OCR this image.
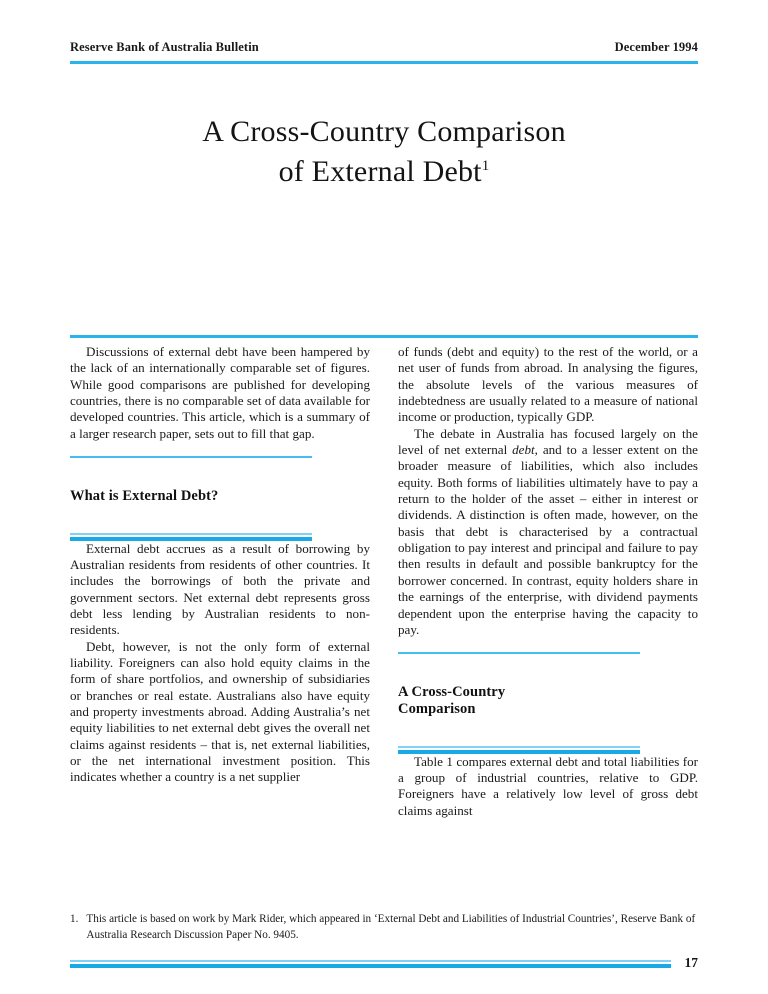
Reserve Bank of Australia Bulletin	December 1994
A Cross-Country Comparison
of External Debt$^1$

Discussions of external debt have been hampered by the lack of an internationally comparable set of figures. While good comparisons are published for developing countries, there is no comparable set of data available for developed countries. This article, which is a summary of a larger research paper, sets out to fill that gap.

What is External Debt?

External debt accrues as a result of borrowing by Australian residents from residents of other countries. It includes the borrowings of both the private and government sectors. Net external debt represents gross debt less lending by Australian residents to non-residents.

Debt, however, is not the only form of external liability. Foreigners can also hold equity claims in the form of share portfolios, and ownership of subsidiaries or branches or real estate. Australians also have equity and property investments abroad. Adding Australia’s net equity liabilities to net external debt gives the overall net claims against residents – that is, net external liabilities, or the net international investment position. This indicates whether a country is a net supplier

of funds (debt and equity) to the rest of the world, or a net user of funds from abroad. In analysing the figures, the absolute levels of the various measures of indebtedness are usually related to a measure of national income or production, typically GDP.

The debate in Australia has focused largely on the level of net external debt, and to a lesser extent on the broader measure of liabilities, which also includes equity. Both forms of liabilities ultimately have to pay a return to the holder of the asset – either in interest or dividends. A distinction is often made, however, on the basis that debt is characterised by a contractual obligation to pay interest and principal and failure to pay then results in default and possible bankruptcy for the borrower concerned. In contrast, equity holders share in the earnings of the enterprise, with dividend payments dependent upon the enterprise having the capacity to pay.

A Cross-Country
Comparison

Table 1 compares external debt and total liabilities for a group of industrial countries, relative to GDP. Foreigners have a relatively low level of gross debt claims against

1. This article is based on work by Mark Rider, which appeared in ‘External Debt and Liabilities of Industrial Countries’, Reserve Bank of Australia Research Discussion Paper No. 9405.
17
